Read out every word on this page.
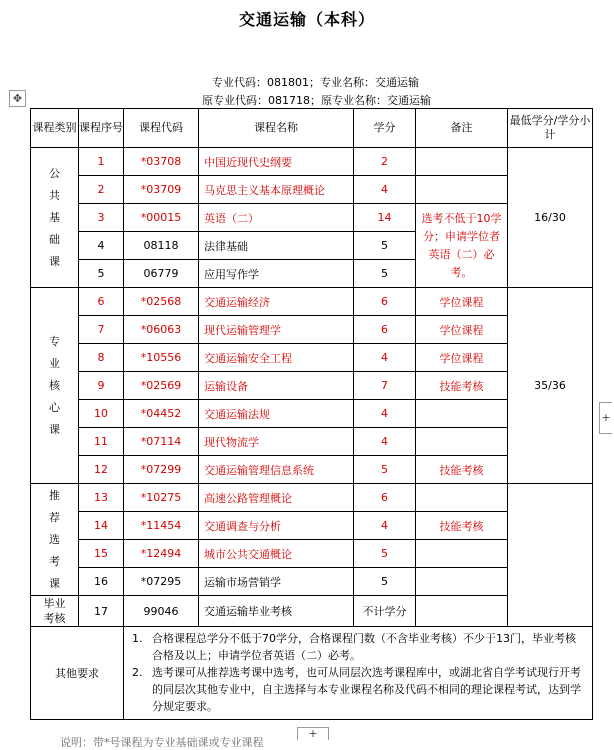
交通运输（本科）
专业代码：081801；专业名称：交通运输
原专业代码：081718；原专业名称：交通运输
✥
课程类别	课程序号	课程代码	课程名称	学分	备注	最低学分/学分小计
公共基础课	1	*03708	中国近现代史纲要	2		16/30
	2	*03709	马克思主义基本原理概论	4		
	3	*00015	英语（二）	14	选考不低于10学分；申请学位者英语（二）必考。	
	4	08118	法律基础	5		
	5	06779	应用写作学	5		
专业核心课	6	*02568	交通运输经济	6	学位课程	35/36
	7	*06063	现代运输管理学	6	学位课程	
	8	*10556	交通运输安全工程	4	学位课程	
	9	*02569	运输设备	7	技能考核	
	10	*04452	交通运输法规	4		
	11	*07114	现代物流学	4		
	12	*07299	交通运输管理信息系统	5	技能考核	
推荐选考课	13	*10275	高速公路管理概论	6		
	14	*11454	交通调查与分析	4	技能考核	
	15	*12494	城市公共交通概论	5		
	16	*07295	运输市场营销学	5		
毕业考核	17	99046	交通运输毕业考核	不计学分		
其他要求		1. 合格课程总学分不低于70学分，合格课程门数（不含毕业考核）不少于13门，毕业考核合格及以上；申请学位者英语（二）必考。
2. 选考课可从推荐选考课中选考，也可从同层次选考课程库中，或湖北省自学考试现行开考的同层次其他专业中，自主选择与本专业课程名称及代码不相同的理论课程考试，达到学分规定要求。				
+
+
说明：带*号课程为专业基础课或专业课程
